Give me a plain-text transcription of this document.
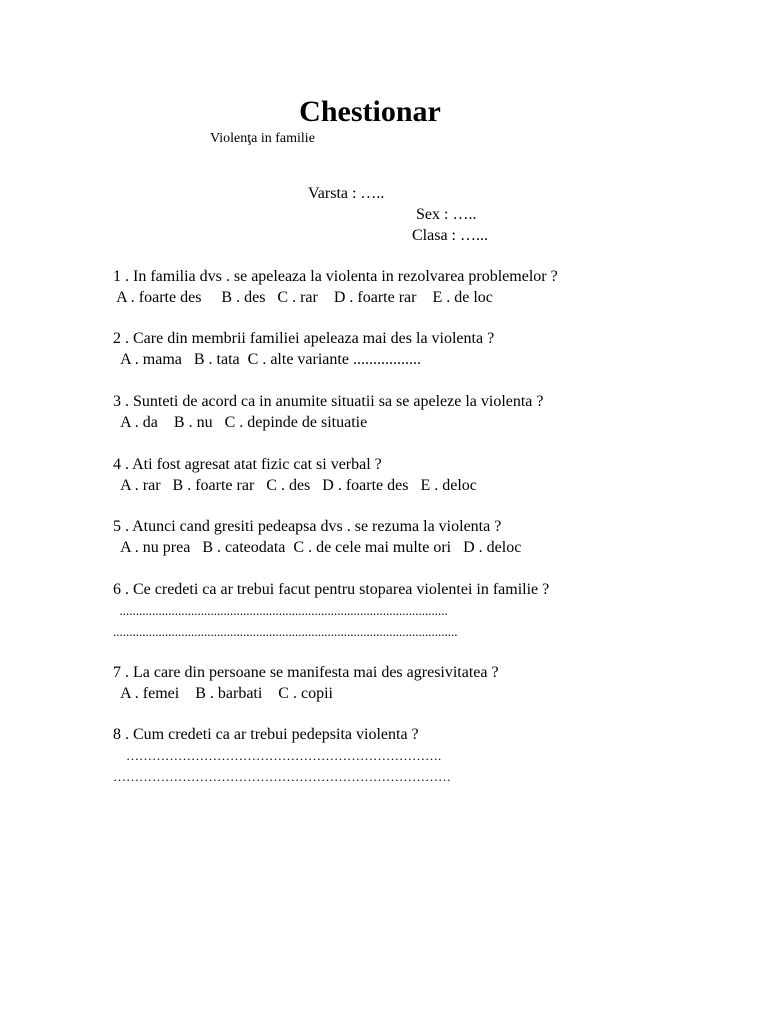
Chestionar
Violenţa in familie
Varsta : …..
Sex : …..
Clasa : …...
1 . In familia dvs . se apeleaza la violenta in rezolvarea problemelor ?
A . foarte des     B . des   C . rar    D . foarte rar    E . de loc
2 . Care din membrii familiei apeleaza mai des la violenta ?
A . mama   B . tata  C . alte variante .................
3 . Sunteti de acord ca in anumite situatii sa se apeleze la violenta ?
A . da    B . nu   C . depinde de situatie
4 . Ati fost agresat atat fizic cat si verbal ?
A . rar   B . foarte rar   C . des   D . foarte des   E . deloc
5 . Atunci cand gresiti pedeapsa dvs . se rezuma la violenta ?
A . nu prea   B . cateodata  C . de cele mai multe ori   D . deloc
6 . Ce credeti ca ar trebui facut pentru stoparea violentei in familie ?
.....................................................................................................
..........................................................................................................
7 . La care din persoane se manifesta mai des agresivitatea ?
A . femei    B . barbati    C . copii
8 . Cum credeti ca ar trebui pedepsita violenta ?
……………………………………………………………….
……………………………………………………………………
